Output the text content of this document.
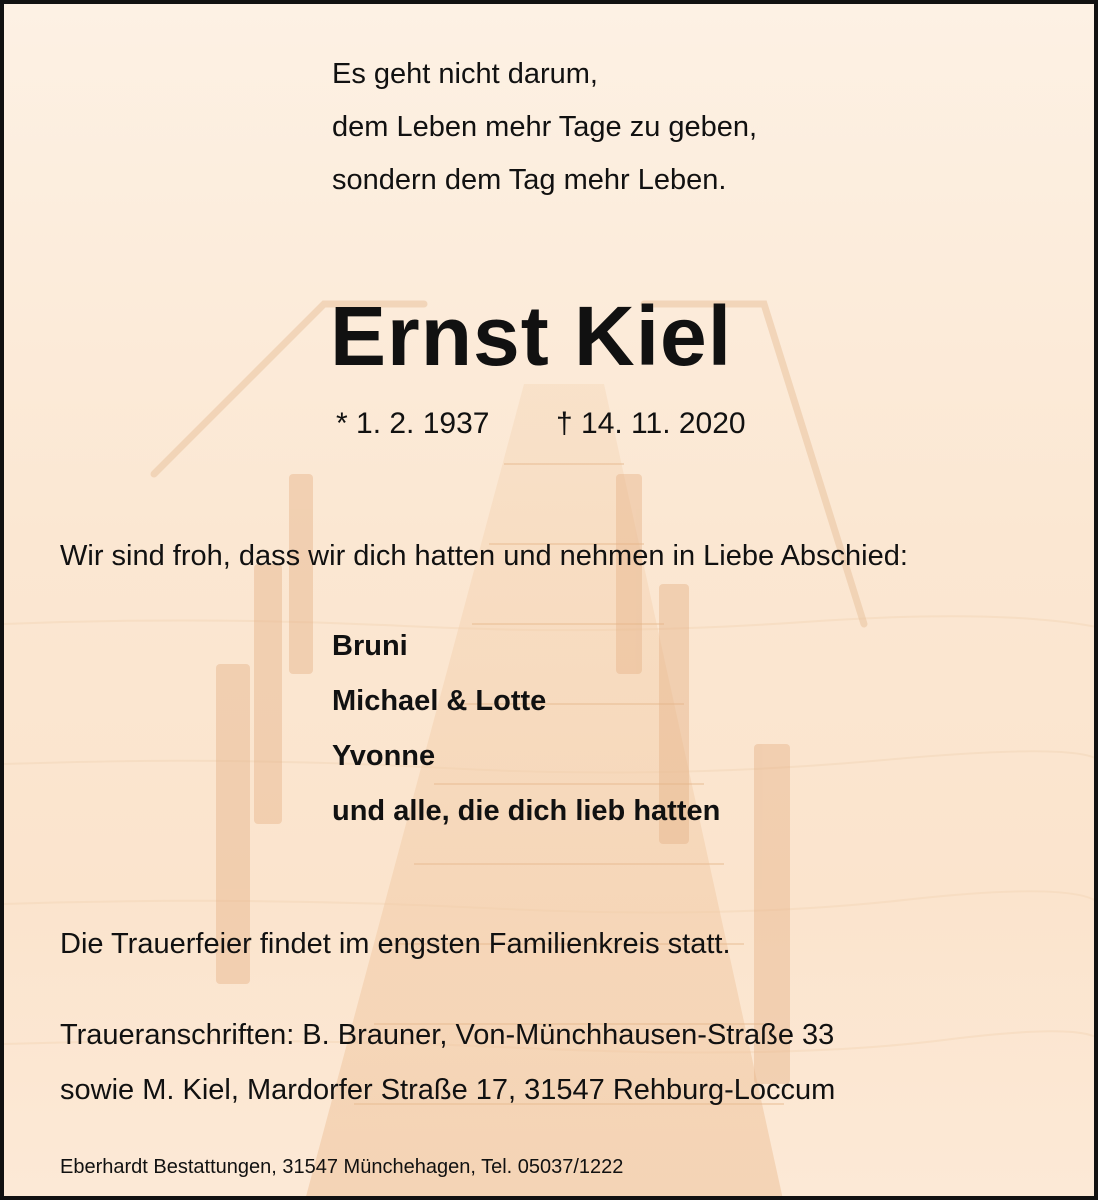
Es geht nicht darum,
dem Leben mehr Tage zu geben,
sondern dem Tag mehr Leben.
Ernst Kiel
* 1. 2. 1937 † 14. 11. 2020
Wir sind froh, dass wir dich hatten und nehmen in Liebe Abschied:
Bruni
Michael & Lotte
Yvonne
und alle, die dich lieb hatten
Die Trauerfeier findet im engsten Familienkreis statt.
Traueranschriften: B. Brauner, Von-Münchhausen-Straße 33
sowie M. Kiel, Mardorfer Straße 17, 31547 Rehburg-Loccum
Eberhardt Bestattungen, 31547 Münchehagen, Tel. 05037/1222
